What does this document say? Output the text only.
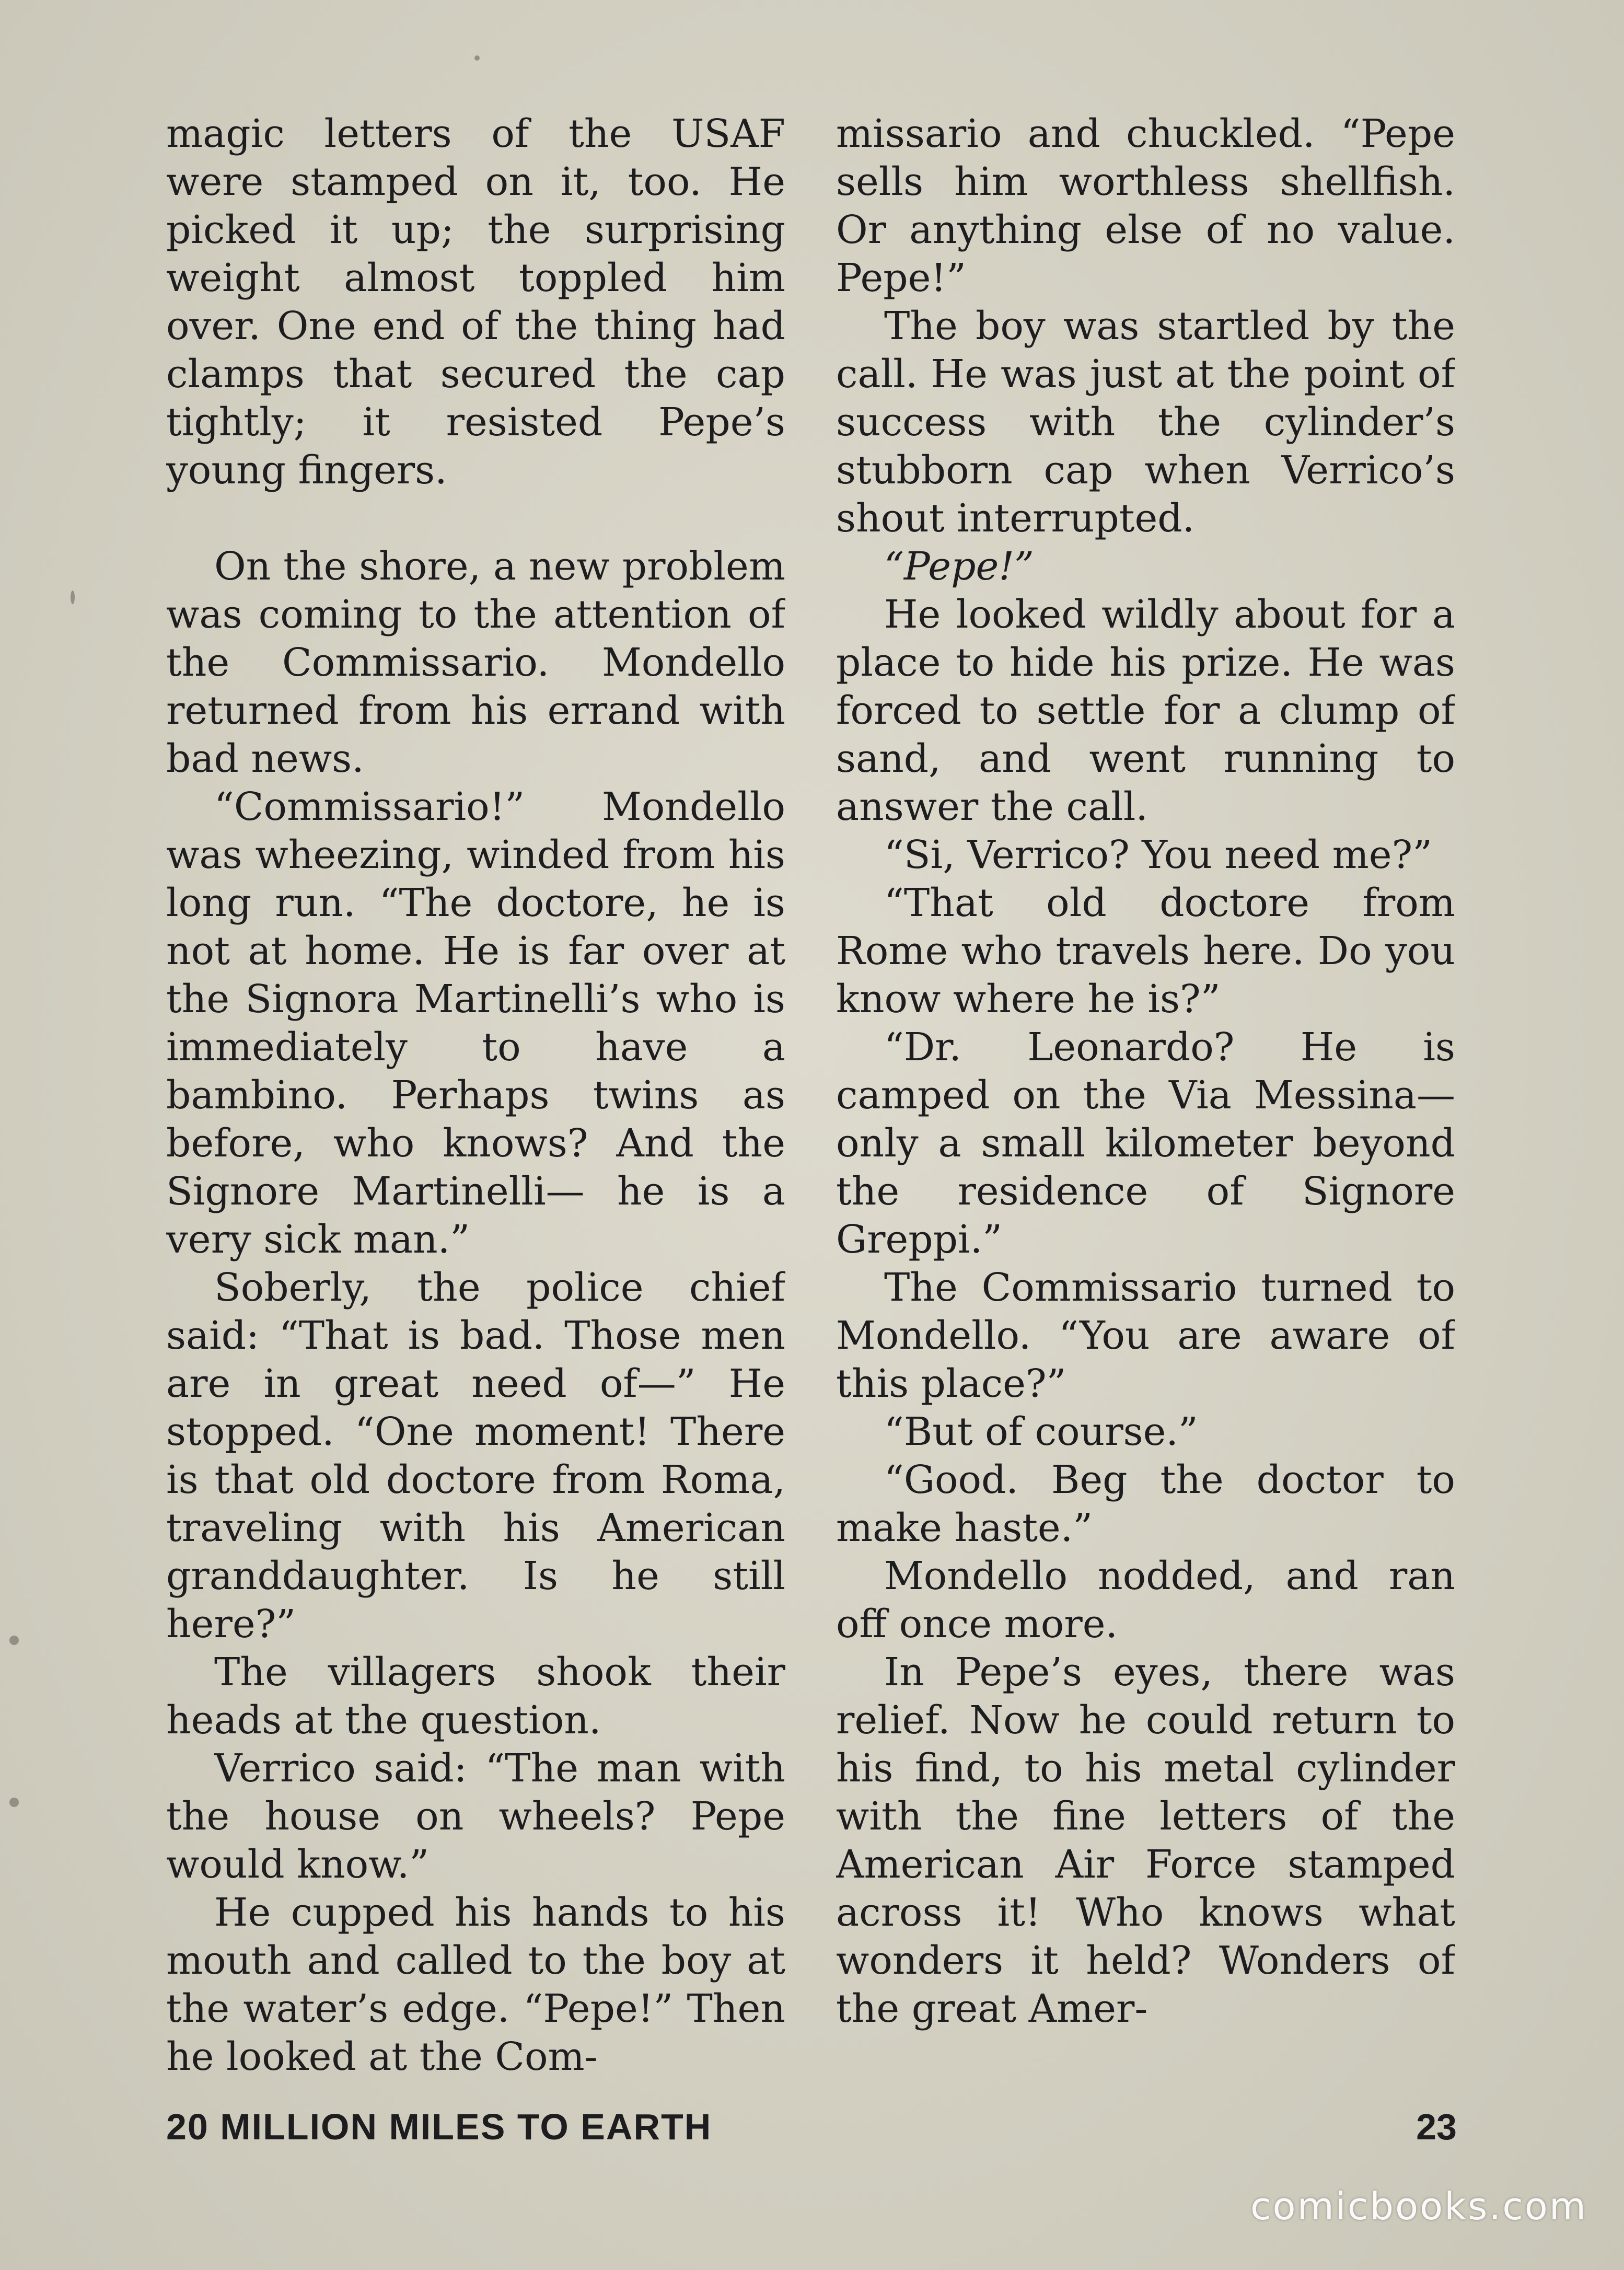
magic letters of the USAF were stamped on it, too. He picked it up; the surprising weight almost toppled him over. One end of the thing had clamps that secured the cap tightly; it resisted Pepe’s young fingers.

On the shore, a new problem was coming to the attention of the Commissario. Mondello returned from his errand with bad news.

“Commissario!” Mondello was wheezing, winded from his long run. “The doctore, he is not at home. He is far over at the Signora Martinelli’s who is immediately to have a bambino. Perhaps twins as before, who knows? And the Signore Martinelli— he is a very sick man.”

Soberly, the police chief said: “That is bad. Those men are in great need of—” He stopped. “One moment! There is that old doctore from Roma, traveling with his American granddaughter. Is he still here?”

The villagers shook their heads at the question.

Verrico said: “The man with the house on wheels? Pepe would know.”

He cupped his hands to his mouth and called to the boy at the water’s edge. “Pepe!” Then he looked at the Com-

missario and chuckled. “Pepe sells him worthless shellfish. Or anything else of no value. Pepe!”

The boy was startled by the call. He was just at the point of success with the cylinder’s stubborn cap when Verrico’s shout interrupted.

“Pepe!”

He looked wildly about for a place to hide his prize. He was forced to settle for a clump of sand, and went running to answer the call.

“Si, Verrico? You need me?”

“That old doctore from Rome who travels here. Do you know where he is?”

“Dr. Leonardo? He is camped on the Via Messina— only a small kilometer beyond the residence of Signore Greppi.”

The Commissario turned to Mondello. “You are aware of this place?”

“But of course.”

“Good. Beg the doctor to make haste.”

Mondello nodded, and ran off once more.

In Pepe’s eyes, there was relief. Now he could return to his find, to his metal cylinder with the fine letters of the American Air Force stamped across it! Who knows what wonders it held? Wonders of the great Amer-

20 MILLION MILES TO EARTH	23
comicbooks.com
